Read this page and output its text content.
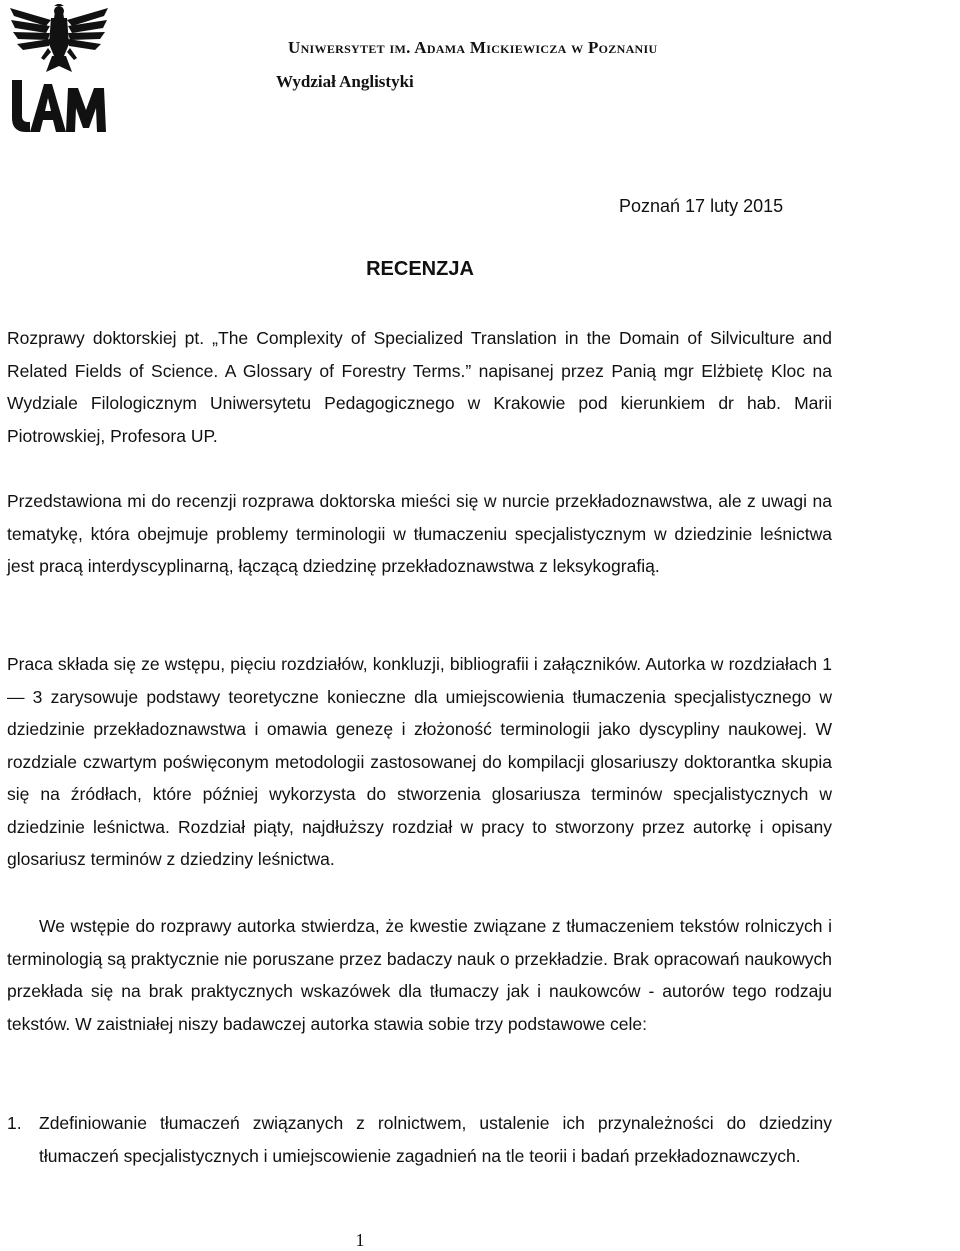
Uniwersytet im. Adama Mickiewicza w Poznaniu
Wydział Anglistyki
Poznań 17 luty 2015
RECENZJA

Rozprawy doktorskiej pt. „The Complexity of Specialized Translation in the Domain of Silviculture and Related Fields of Science. A Glossary of Forestry Terms.” napisanej przez Panią mgr Elżbietę Kloc na Wydziale Filologicznym Uniwersytetu Pedagogicznego w Krakowie pod kierunkiem dr hab. Marii Piotrowskiej, Profesora UP.

Przedstawiona mi do recenzji rozprawa doktorska mieści się w nurcie przekładoznawstwa, ale z uwagi na tematykę, która obejmuje problemy terminologii w tłumaczeniu specjalistycznym w dziedzinie leśnictwa jest pracą interdyscyplinarną, łączącą dziedzinę przekładoznawstwa z leksykografią.

Praca składa się ze wstępu, pięciu rozdziałów, konkluzji, bibliografii i załączników. Autorka w rozdziałach 1 — 3 zarysowuje podstawy teoretyczne konieczne dla umiejscowienia tłumaczenia specjalistycznego w dziedzinie przekładoznawstwa i omawia genezę i złożoność terminologii jako dyscypliny naukowej. W rozdziale czwartym poświęconym metodologii zastosowanej do kompilacji glosariuszy doktorantka skupia się na źródłach, które później wykorzysta do stworzenia glosariusza terminów specjalistycznych w dziedzinie leśnictwa. Rozdział piąty, najdłuższy rozdział w pracy to stworzony przez autorkę i opisany glosariusz terminów z dziedziny leśnictwa.

We wstępie do rozprawy autorka stwierdza, że kwestie związane z tłumaczeniem tekstów rolniczych i terminologią są praktycznie nie poruszane przez badaczy nauk o przekładzie. Brak opracowań naukowych przekłada się na brak praktycznych wskazówek dla tłumaczy jak i naukowców - autorów tego rodzaju tekstów. W zaistniałej niszy badawczej autorka stawia sobie trzy podstawowe cele:

1. Zdefiniowanie tłumaczeń związanych z rolnictwem, ustalenie ich przynależności do dziedziny tłumaczeń specjalistycznych i umiejscowienie zagadnień na tle teorii i badań przekładoznawczych.
1
